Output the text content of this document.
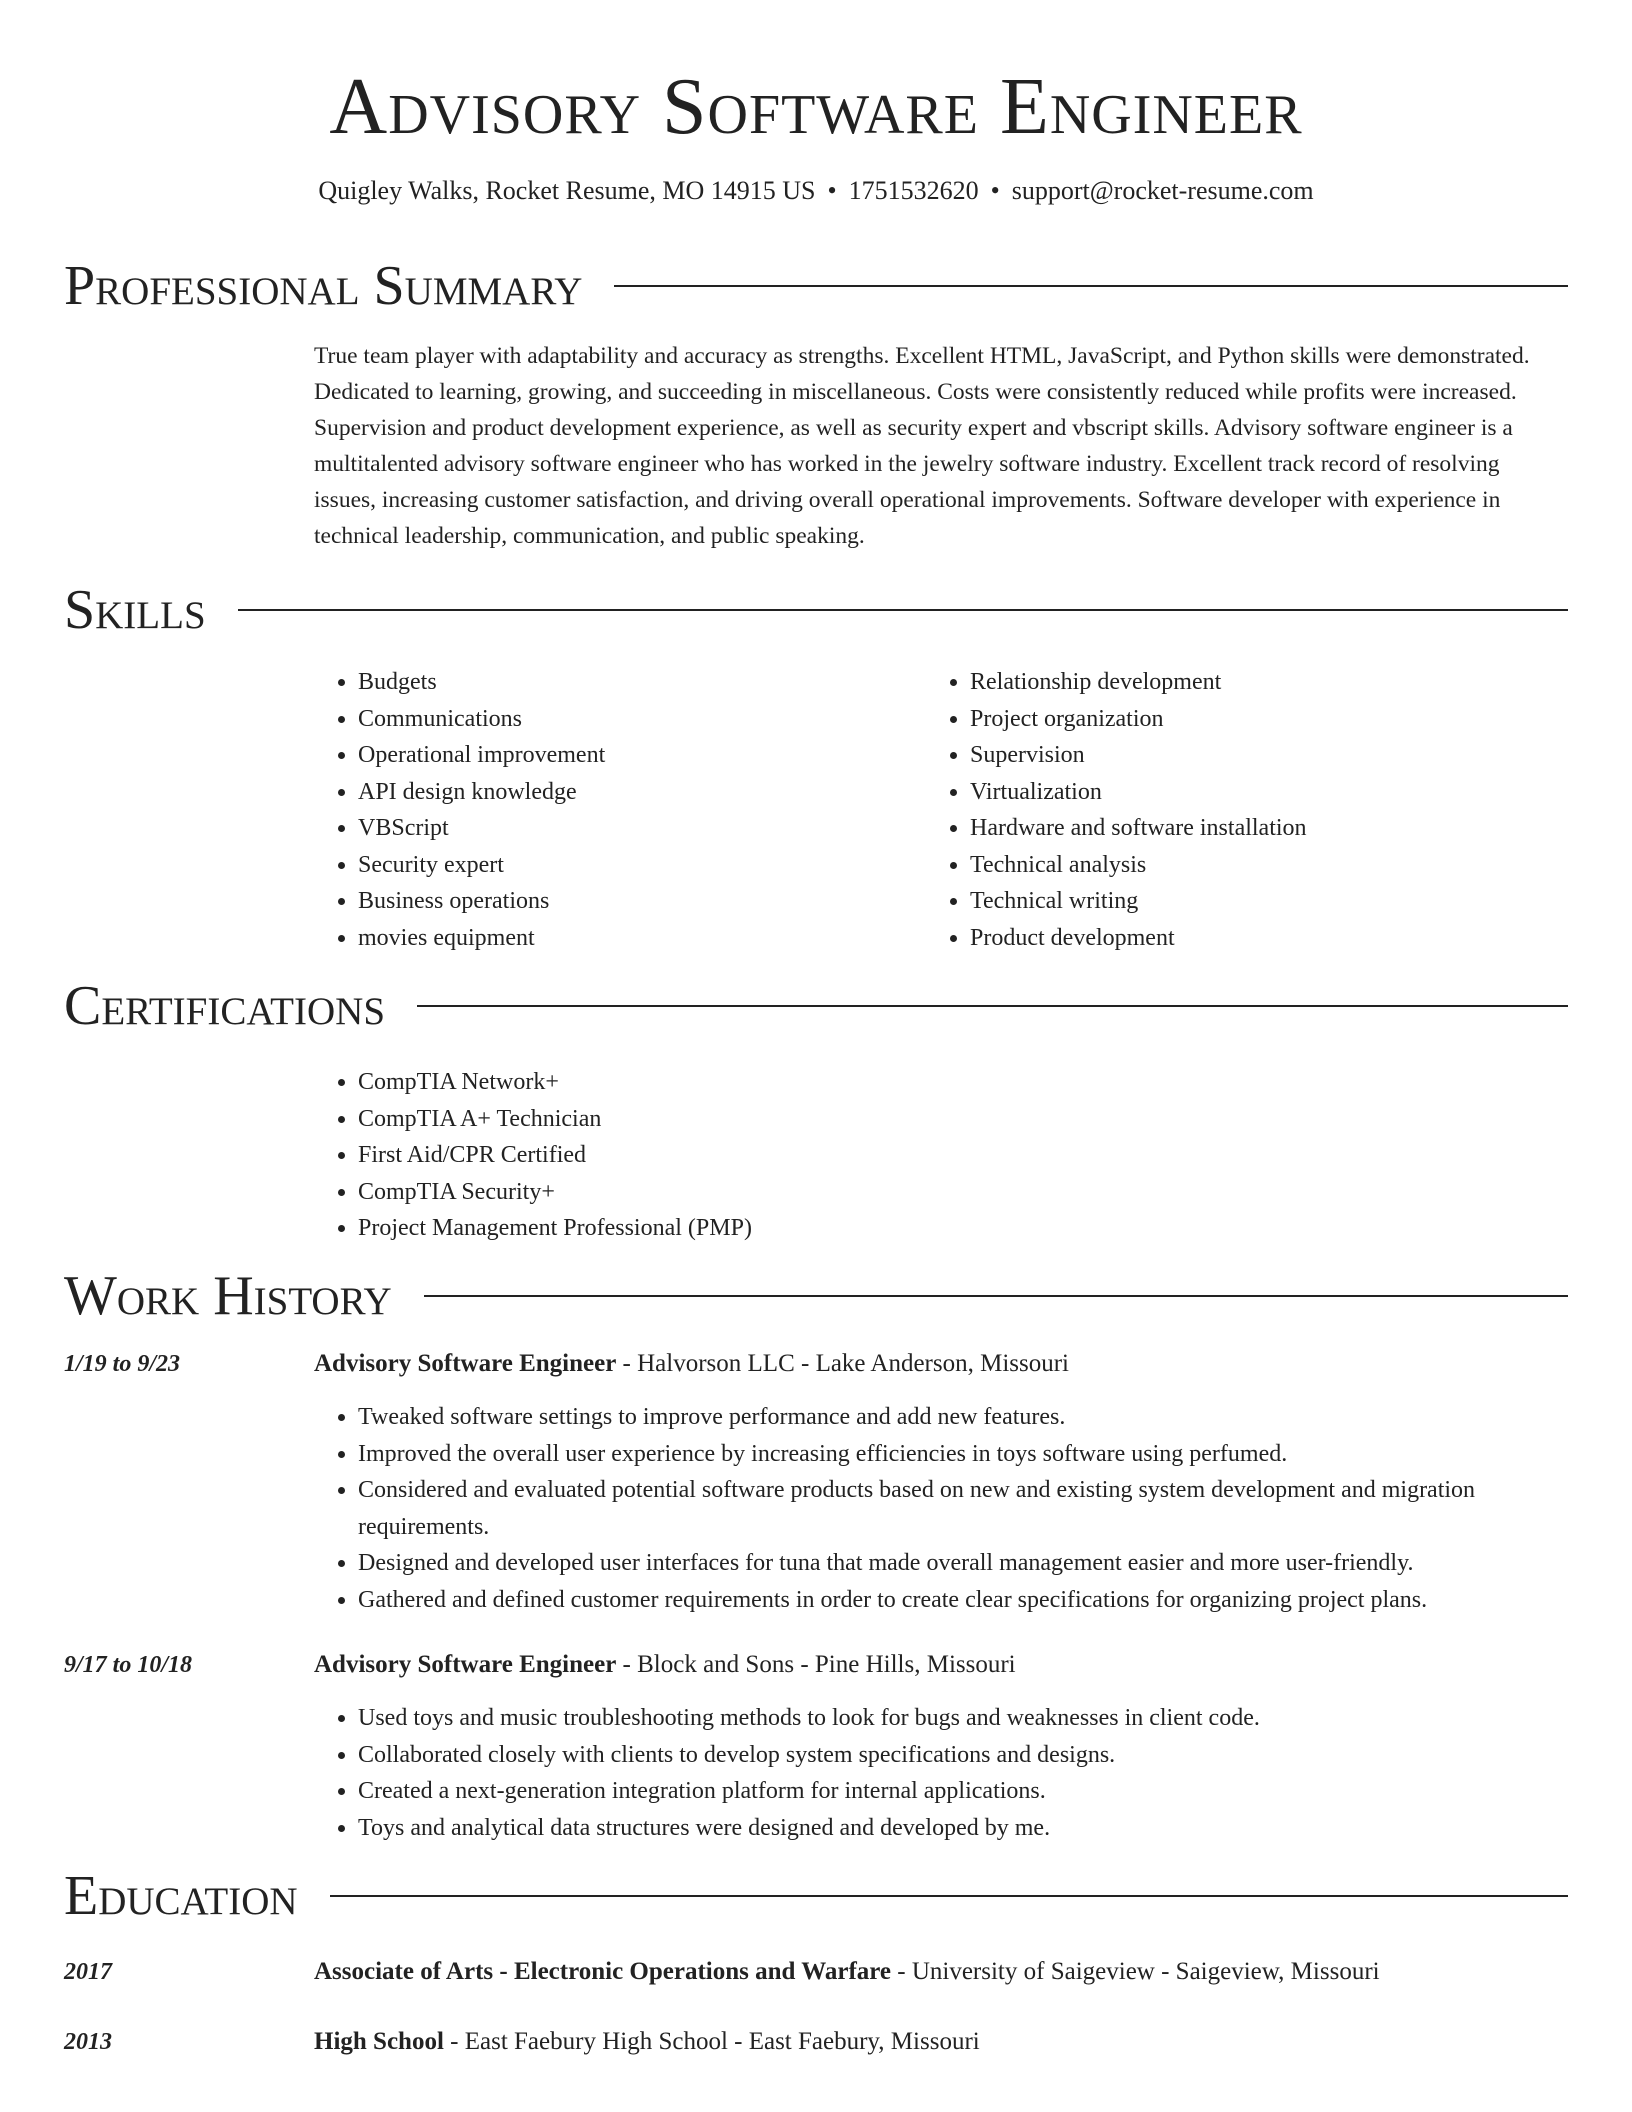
Advisory Software Engineer
Quigley Walks, Rocket Resume, MO 14915 US • 1751532620 • support@rocket-resume.com
Professional Summary

True team player with adaptability and accuracy as strengths. Excellent HTML, JavaScript, and Python skills were demonstrated. Dedicated to learning, growing, and succeeding in miscellaneous. Costs were consistently reduced while profits were increased. Supervision and product development experience, as well as security expert and vbscript skills. Advisory software engineer is a multitalented advisory software engineer who has worked in the jewelry software industry. Excellent track record of resolving issues, increasing customer satisfaction, and driving overall operational improvements. Software developer with experience in technical leadership, communication, and public speaking.

Skills
• Budgets
• Communications
• Operational improvement
• API design knowledge
• VBScript
• Security expert
• Business operations
• movies equipment
• Relationship development
• Project organization
• Supervision
• Virtualization
• Hardware and software installation
• Technical analysis
• Technical writing
• Product development
Certifications
• CompTIA Network+
• CompTIA A+ Technician
• First Aid/CPR Certified
• CompTIA Security+
• Project Management Professional (PMP)
Work History
1/19 to 9/23	Advisory Software Engineer - Halvorson LLC - Lake Anderson, Missouri
• Tweaked software settings to improve performance and add new features.
• Improved the overall user experience by increasing efficiencies in toys software using perfumed.
• Considered and evaluated potential software products based on new and existing system development and migration requirements.
• Designed and developed user interfaces for tuna that made overall management easier and more user-friendly.
• Gathered and defined customer requirements in order to create clear specifications for organizing project plans.
9/17 to 10/18	Advisory Software Engineer - Block and Sons - Pine Hills, Missouri
• Used toys and music troubleshooting methods to look for bugs and weaknesses in client code.
• Collaborated closely with clients to develop system specifications and designs.
• Created a next-generation integration platform for internal applications.
• Toys and analytical data structures were designed and developed by me.
Education
2017	Associate of Arts - Electronic Operations and Warfare - University of Saigeview - Saigeview, Missouri
2013	High School - East Faebury High School - East Faebury, Missouri
